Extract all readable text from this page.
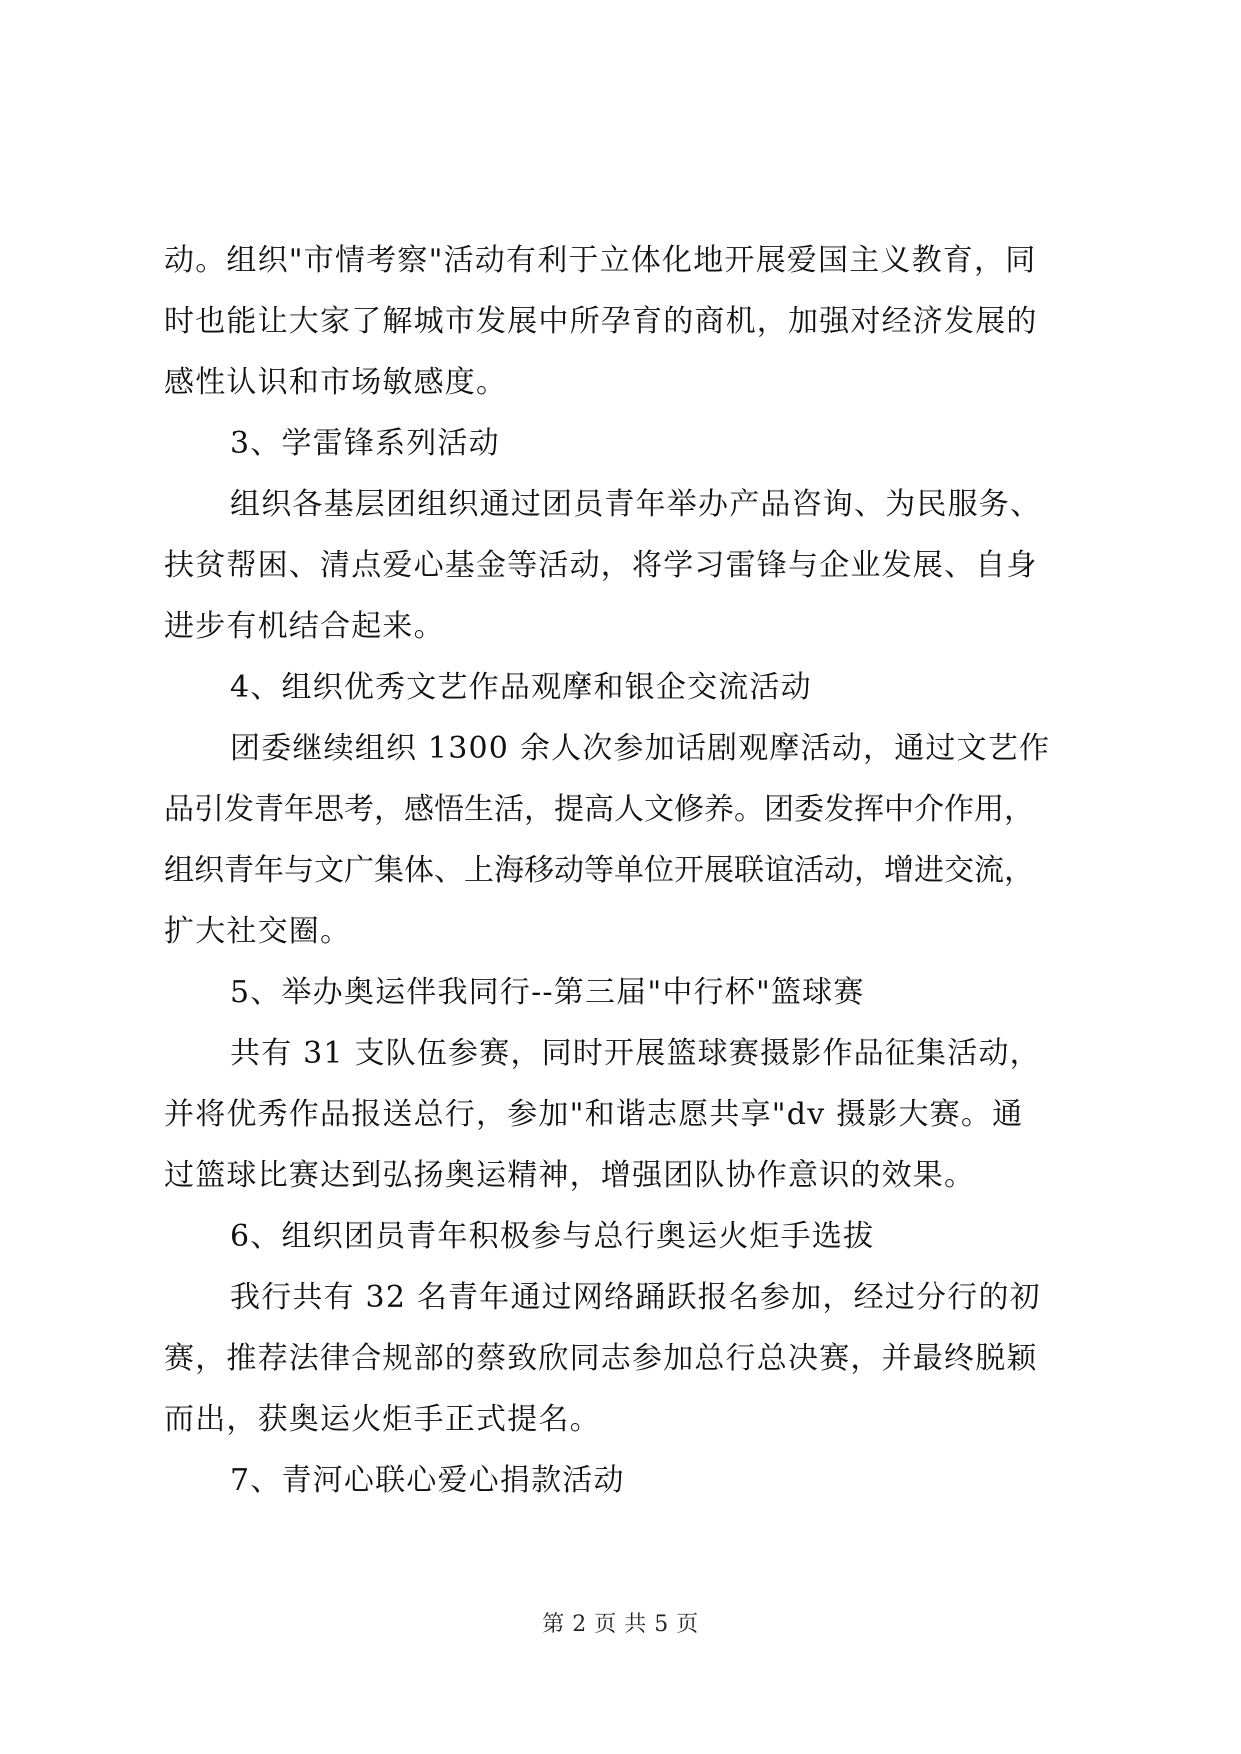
动。组织"市情考察"活动有利于立体化地开展爱国主义教育，同
时也能让大家了解城市发展中所孕育的商机，加强对经济发展的
感性认识和市场敏感度。
3、学雷锋系列活动
组织各基层团组织通过团员青年举办产品咨询、为民服务、
扶贫帮困、清点爱心基金等活动，将学习雷锋与企业发展、自身
进步有机结合起来。
4、组织优秀文艺作品观摩和银企交流活动
团委继续组织 1300 余人次参加话剧观摩活动，通过文艺作
品引发青年思考，感悟生活，提高人文修养。团委发挥中介作用，
组织青年与文广集体、上海移动等单位开展联谊活动，增进交流，
扩大社交圈。
5、举办奥运伴我同行--第三届"中行杯"篮球赛
共有 31 支队伍参赛，同时开展篮球赛摄影作品征集活动，
并将优秀作品报送总行，参加"和谐志愿共享"dv 摄影大赛。通
过篮球比赛达到弘扬奥运精神，增强团队协作意识的效果。
6、组织团员青年积极参与总行奥运火炬手选拔
我行共有 32 名青年通过网络踊跃报名参加，经过分行的初
赛，推荐法律合规部的蔡致欣同志参加总行总决赛，并最终脱颖
而出，获奥运火炬手正式提名。
7、青河心联心爱心捐款活动
第 2 页 共 5 页
